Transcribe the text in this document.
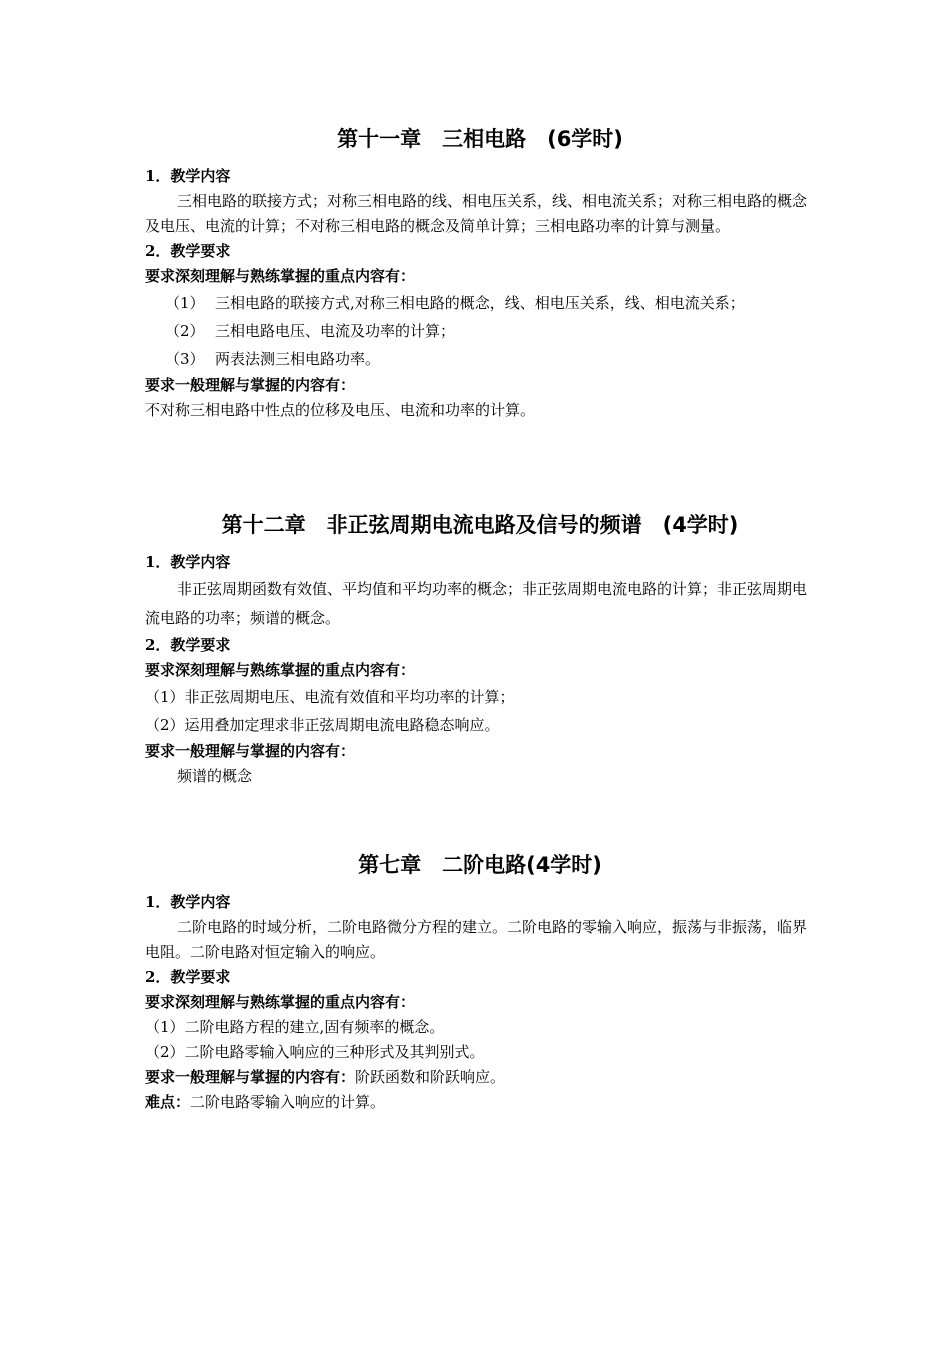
第十一章　三相电路　(6学时)
1．教学内容

三相电路的联接方式；对称三相电路的线、相电压关系，线、相电流关系；对称三相电路的概念及电压、电流的计算；不对称三相电路的概念及简单计算；三相电路功率的计算与测量。

2．教学要求
要求深刻理解与熟练掌握的重点内容有：
（1） 三相电路的联接方式,对称三相电路的概念，线、相电压关系，线、相电流关系；
（2） 三相电路电压、电流及功率的计算；
（3） 两表法测三相电路功率。
要求一般理解与掌握的内容有：
不对称三相电路中性点的位移及电压、电流和功率的计算。
第十二章　非正弦周期电流电路及信号的频谱　(4学时)
1．教学内容

非正弦周期函数有效值、平均值和平均功率的概念；非正弦周期电流电路的计算；非正弦周期电流电路的功率；频谱的概念。

2．教学要求
要求深刻理解与熟练掌握的重点内容有：
（1）非正弦周期电压、电流有效值和平均功率的计算；
（2）运用叠加定理求非正弦周期电流电路稳态响应。
要求一般理解与掌握的内容有：
频谱的概念
第七章　二阶电路(4学时)
1．教学内容

二阶电路的时域分析，二阶电路微分方程的建立。二阶电路的零输入响应，振荡与非振荡，临界电阻。二阶电路对恒定输入的响应。

2．教学要求
要求深刻理解与熟练掌握的重点内容有：
（1）二阶电路方程的建立,固有频率的概念。
（2）二阶电路零输入响应的三种形式及其判别式。
要求一般理解与掌握的内容有：阶跃函数和阶跃响应。
难点：二阶电路零输入响应的计算。
